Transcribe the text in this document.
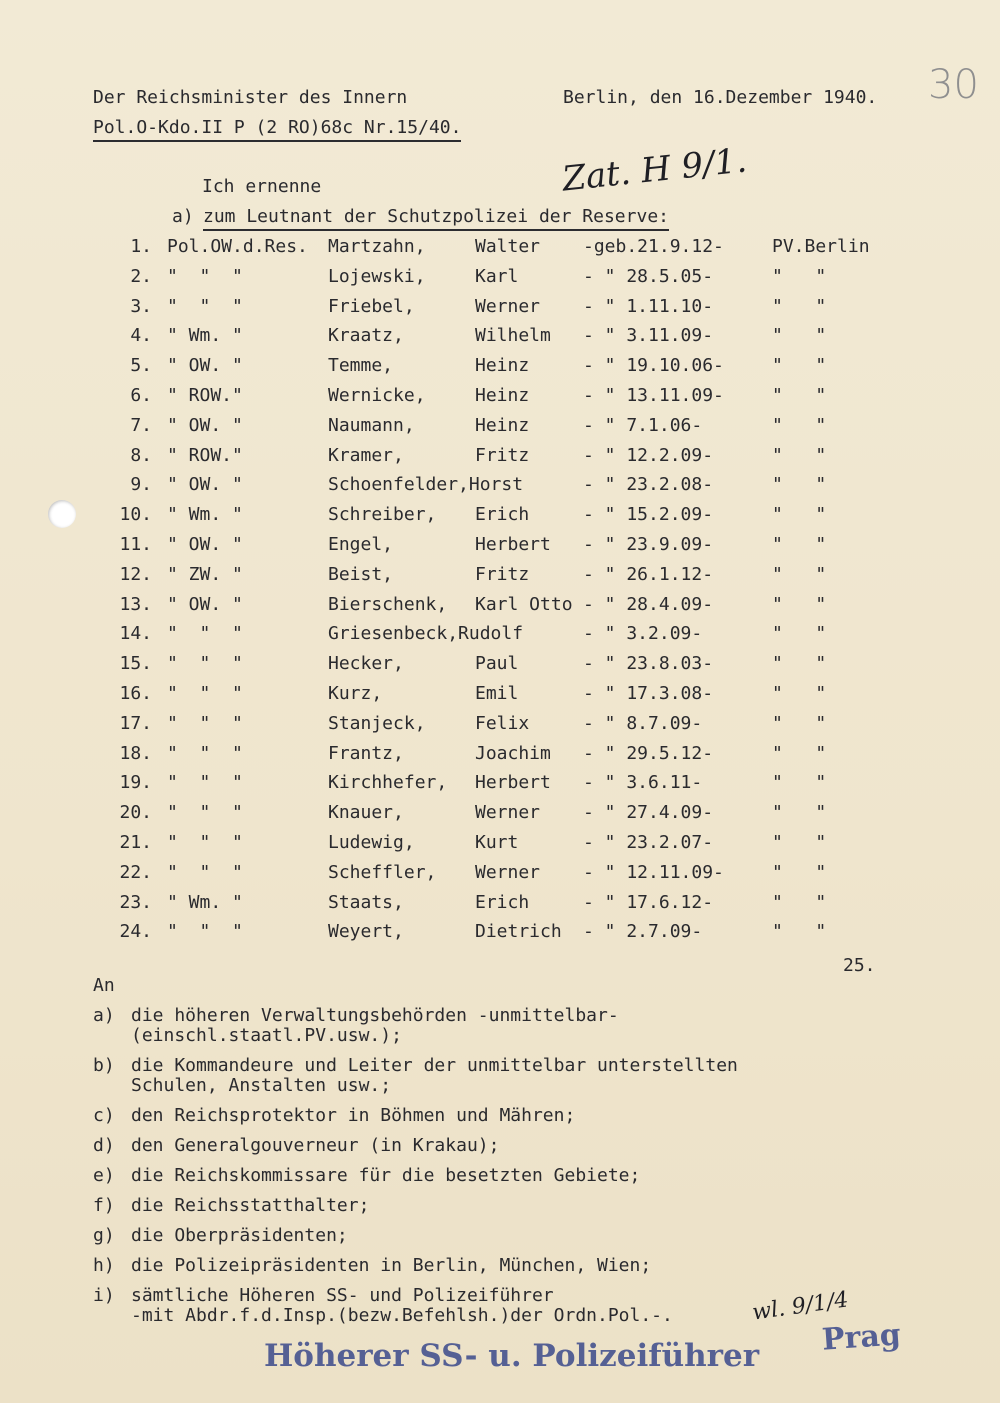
Der Reichsminister des Innern	Berlin, den 16.Dezember 1940.
Pol.O-Kdo.II P (2 RO)68c Nr.15/40.
30
Zat. H 9/1.
Ich ernenne
a) zum Leutnant der Schutzpolizei der Reserve:
1. Pol.OW.d.Res. Martzahn,	Walter -geb.21.9.12-	PV.Berlin
2. "  "  "	Lojewski,	Karl	- " 28.5.05-	"   "
3. "  "  "	Friebel,	Werner - " 1.11.10-	"   "
4. " Wm. "	Kraatz,	Wilhelm - " 3.11.09-	"   "
5. " OW. "	Temme,	Heinz	- " 19.10.06-	"   "
6. " ROW."	Wernicke,	Heinz	- " 13.11.09-	"   "
7. " OW. "	Naumann,	Heinz	- " 7.1.06-	"   "
8. " ROW."	Kramer,	Fritz	- " 12.2.09-	"   "
9. " OW. "	Schoenfelder,Horst	- " 23.2.08-	"   "
10. " Wm. "	Schreiber, Erich	- " 15.2.09-	"   "
11. " OW. "	Engel,	Herbert - " 23.9.09-	"   "
12. " ZW. "	Beist,	Fritz	- " 26.1.12-	"   "
13. " OW. "	Bierschenk, Karl Otto - " 28.4.09-	"   "
14. "  "  "	Griesenbeck,Rudolf	- " 3.2.09-	"   "
15. "  "  "	Hecker,	Paul	- " 23.8.03-	"   "
16. "  "  "	Kurz,	Emil	- " 17.3.08-	"   "
17. "  "  "	Stanjeck,	Felix	- " 8.7.09-	"   "
18. "  "  "	Frantz,	Joachim - " 29.5.12-	"   "
19. "  "  "	Kirchhefer, Herbert - " 3.6.11-	"   "
20. "  "  "	Knauer,	Werner - " 27.4.09-	"   "
21. "  "  "	Ludewig,	Kurt	- " 23.2.07-	"   "
22. "  "  "	Scheffler, Werner - " 12.11.09-	"   "
23. " Wm. "	Staats,	Erich	- " 17.6.12-	"   "
24. "  "  "	Weyert,	Dietrich - " 2.7.09-	"   "
25.
An
a) die höheren Verwaltungsbehörden -unmittelbar-
(einschl.staatl.PV.usw.);
b) die Kommandeure und Leiter der unmittelbar unterstellten
Schulen, Anstalten usw.;
c) den Reichsprotektor in Böhmen und Mähren;
d) den Generalgouverneur (in Krakau);
e) die Reichskommissare für die besetzten Gebiete;
f) die Reichsstatthalter;
g) die Oberpräsidenten;
h) die Polizeipräsidenten in Berlin, München, Wien;
i) sämtliche Höheren SS- und Polizeiführer
-mit Abdr.f.d.Insp.(bezw.Befehlsh.)der Ordn.Pol.-.	wl. 9/1/4
Prag
Höherer SS- u. Polizeiführer
